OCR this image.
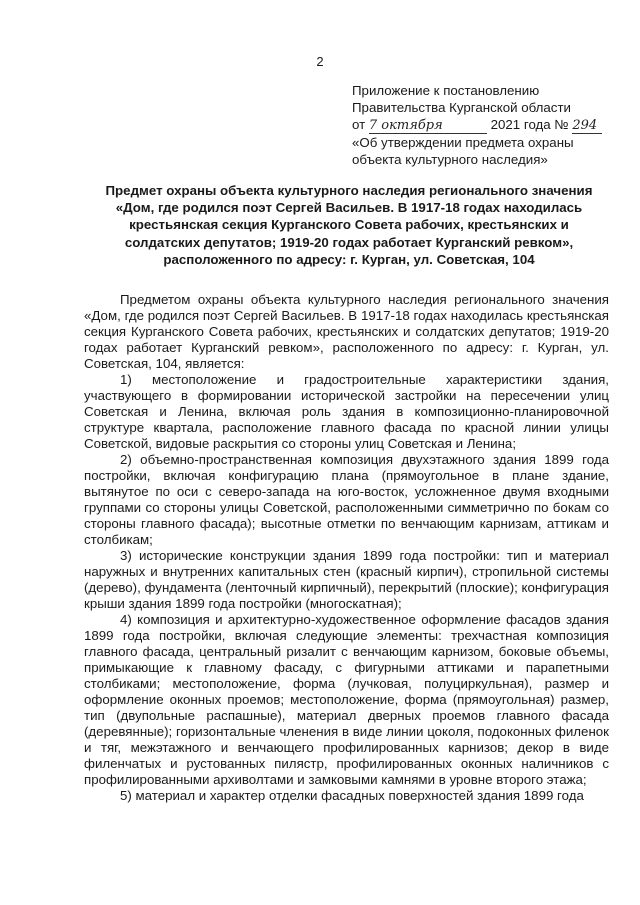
2
Приложение к постановлению
Правительства Курганской области
от 7 октября	2021 года № 294
«Об утверждении предмета охраны
объекта культурного наследия»
Предмет охраны объекта культурного наследия регионального значения «Дом, где родился поэт Сергей Васильев. В 1917-18 годах находилась крестьянская секция Курганского Совета рабочих, крестьянских и солдатских депутатов; 1919-20 годах работает Курганский ревком», расположенного по адресу: г. Курган, ул. Советская, 104

Предметом охраны объекта культурного наследия регионального значения «Дом, где родился поэт Сергей Васильев. В 1917-18 годах находилась крестьянская секция Курганского Совета рабочих, крестьянских и солдатских депутатов; 1919-20 годах работает Курганский ревком», расположенного по адресу: г. Курган, ул. Советская, 104, является:

1) местоположение и градостроительные характеристики здания, участвующего в формировании исторической застройки на пересечении улиц Советская и Ленина, включая роль здания в композиционно-планировочной структуре квартала, расположение главного фасада по красной линии улицы Советской, видовые раскрытия со стороны улиц Советская и Ленина;

2) объемно-пространственная композиция двухэтажного здания 1899 года постройки, включая конфигурацию плана (прямоугольное в плане здание, вытянутое по оси с северо-запада на юго-восток, усложненное двумя входными группами со стороны улицы Советской, расположенными симметрично по бокам со стороны главного фасада); высотные отметки по венчающим карнизам, аттикам и столбикам;

3) исторические конструкции здания 1899 года постройки: тип и материал наружных и внутренних капитальных стен (красный кирпич), стропильной системы (дерево), фундамента (ленточный кирпичный), перекрытий (плоские); конфигурация крыши здания 1899 года постройки (многоскатная);

4) композиция и архитектурно-художественное оформление фасадов здания 1899 года постройки, включая следующие элементы: трехчастная композиция главного фасада, центральный ризалит с венчающим карнизом, боковые объемы, примыкающие к главному фасаду, с фигурными аттиками и парапетными столбиками; местоположение, форма (лучковая, полуциркульная), размер и оформление оконных проемов; местоположение, форма (прямоугольная) размер, тип (двупольные распашные), материал дверных проемов главного фасада (деревянные); горизонтальные членения в виде линии цоколя, подоконных филенок и тяг, межэтажного и венчающего профилированных карнизов; декор в виде филенчатых и рустованных пилястр, профилированных оконных наличников с профилированными архиволтами и замковыми камнями в уровне второго этажа;

5) материал и характер отделки фасадных поверхностей здания 1899 года
